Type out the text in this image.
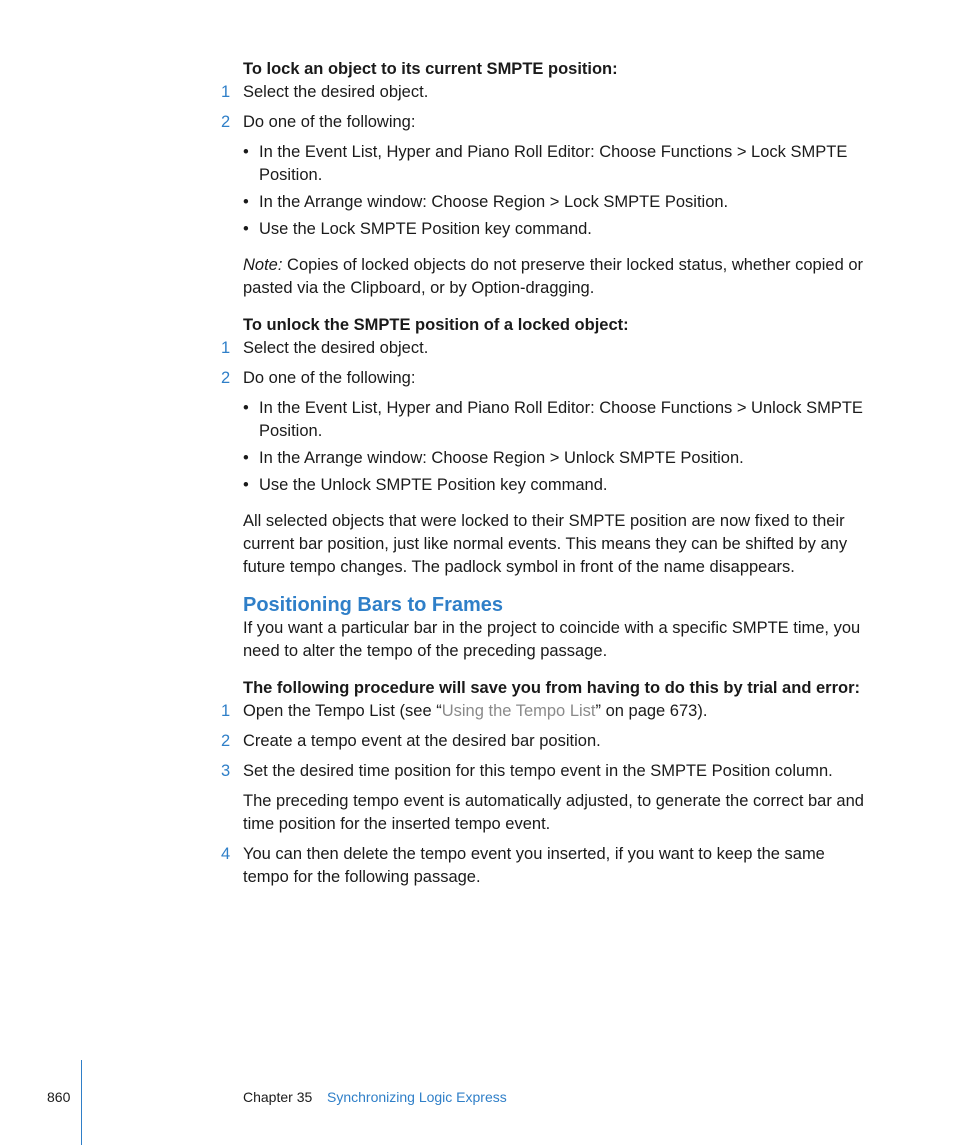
To lock an object to its current SMPTE position:

1 Select the desired object.
2 Do one of the following:
• In the Event List, Hyper and Piano Roll Editor: Choose Functions > Lock SMPTE Position.
• In the Arrange window: Choose Region > Lock SMPTE Position.
• Use the Lock SMPTE Position key command.

Note: Copies of locked objects do not preserve their locked status, whether copied or pasted via the Clipboard, or by Option-dragging.

To unlock the SMPTE position of a locked object:

1 Select the desired object.
2 Do one of the following:
• In the Event List, Hyper and Piano Roll Editor: Choose Functions > Unlock SMPTE Position.
• In the Arrange window: Choose Region > Unlock SMPTE Position.
• Use the Unlock SMPTE Position key command.

All selected objects that were locked to their SMPTE position are now fixed to their current bar position, just like normal events. This means they can be shifted by any future tempo changes. The padlock symbol in front of the name disappears.

Positioning Bars to Frames

If you want a particular bar in the project to coincide with a specific SMPTE time, you need to alter the tempo of the preceding passage.

The following procedure will save you from having to do this by trial and error:

1 Open the Tempo List (see “Using the Tempo List” on page 673).
2 Create a tempo event at the desired bar position.
3 Set the desired time position for this tempo event in the SMPTE Position column.

The preceding tempo event is automatically adjusted, to generate the correct bar and time position for the inserted tempo event.

4 You can then delete the tempo event you inserted, if you want to keep the same tempo for the following passage.
860	Chapter 35 Synchronizing Logic Express
